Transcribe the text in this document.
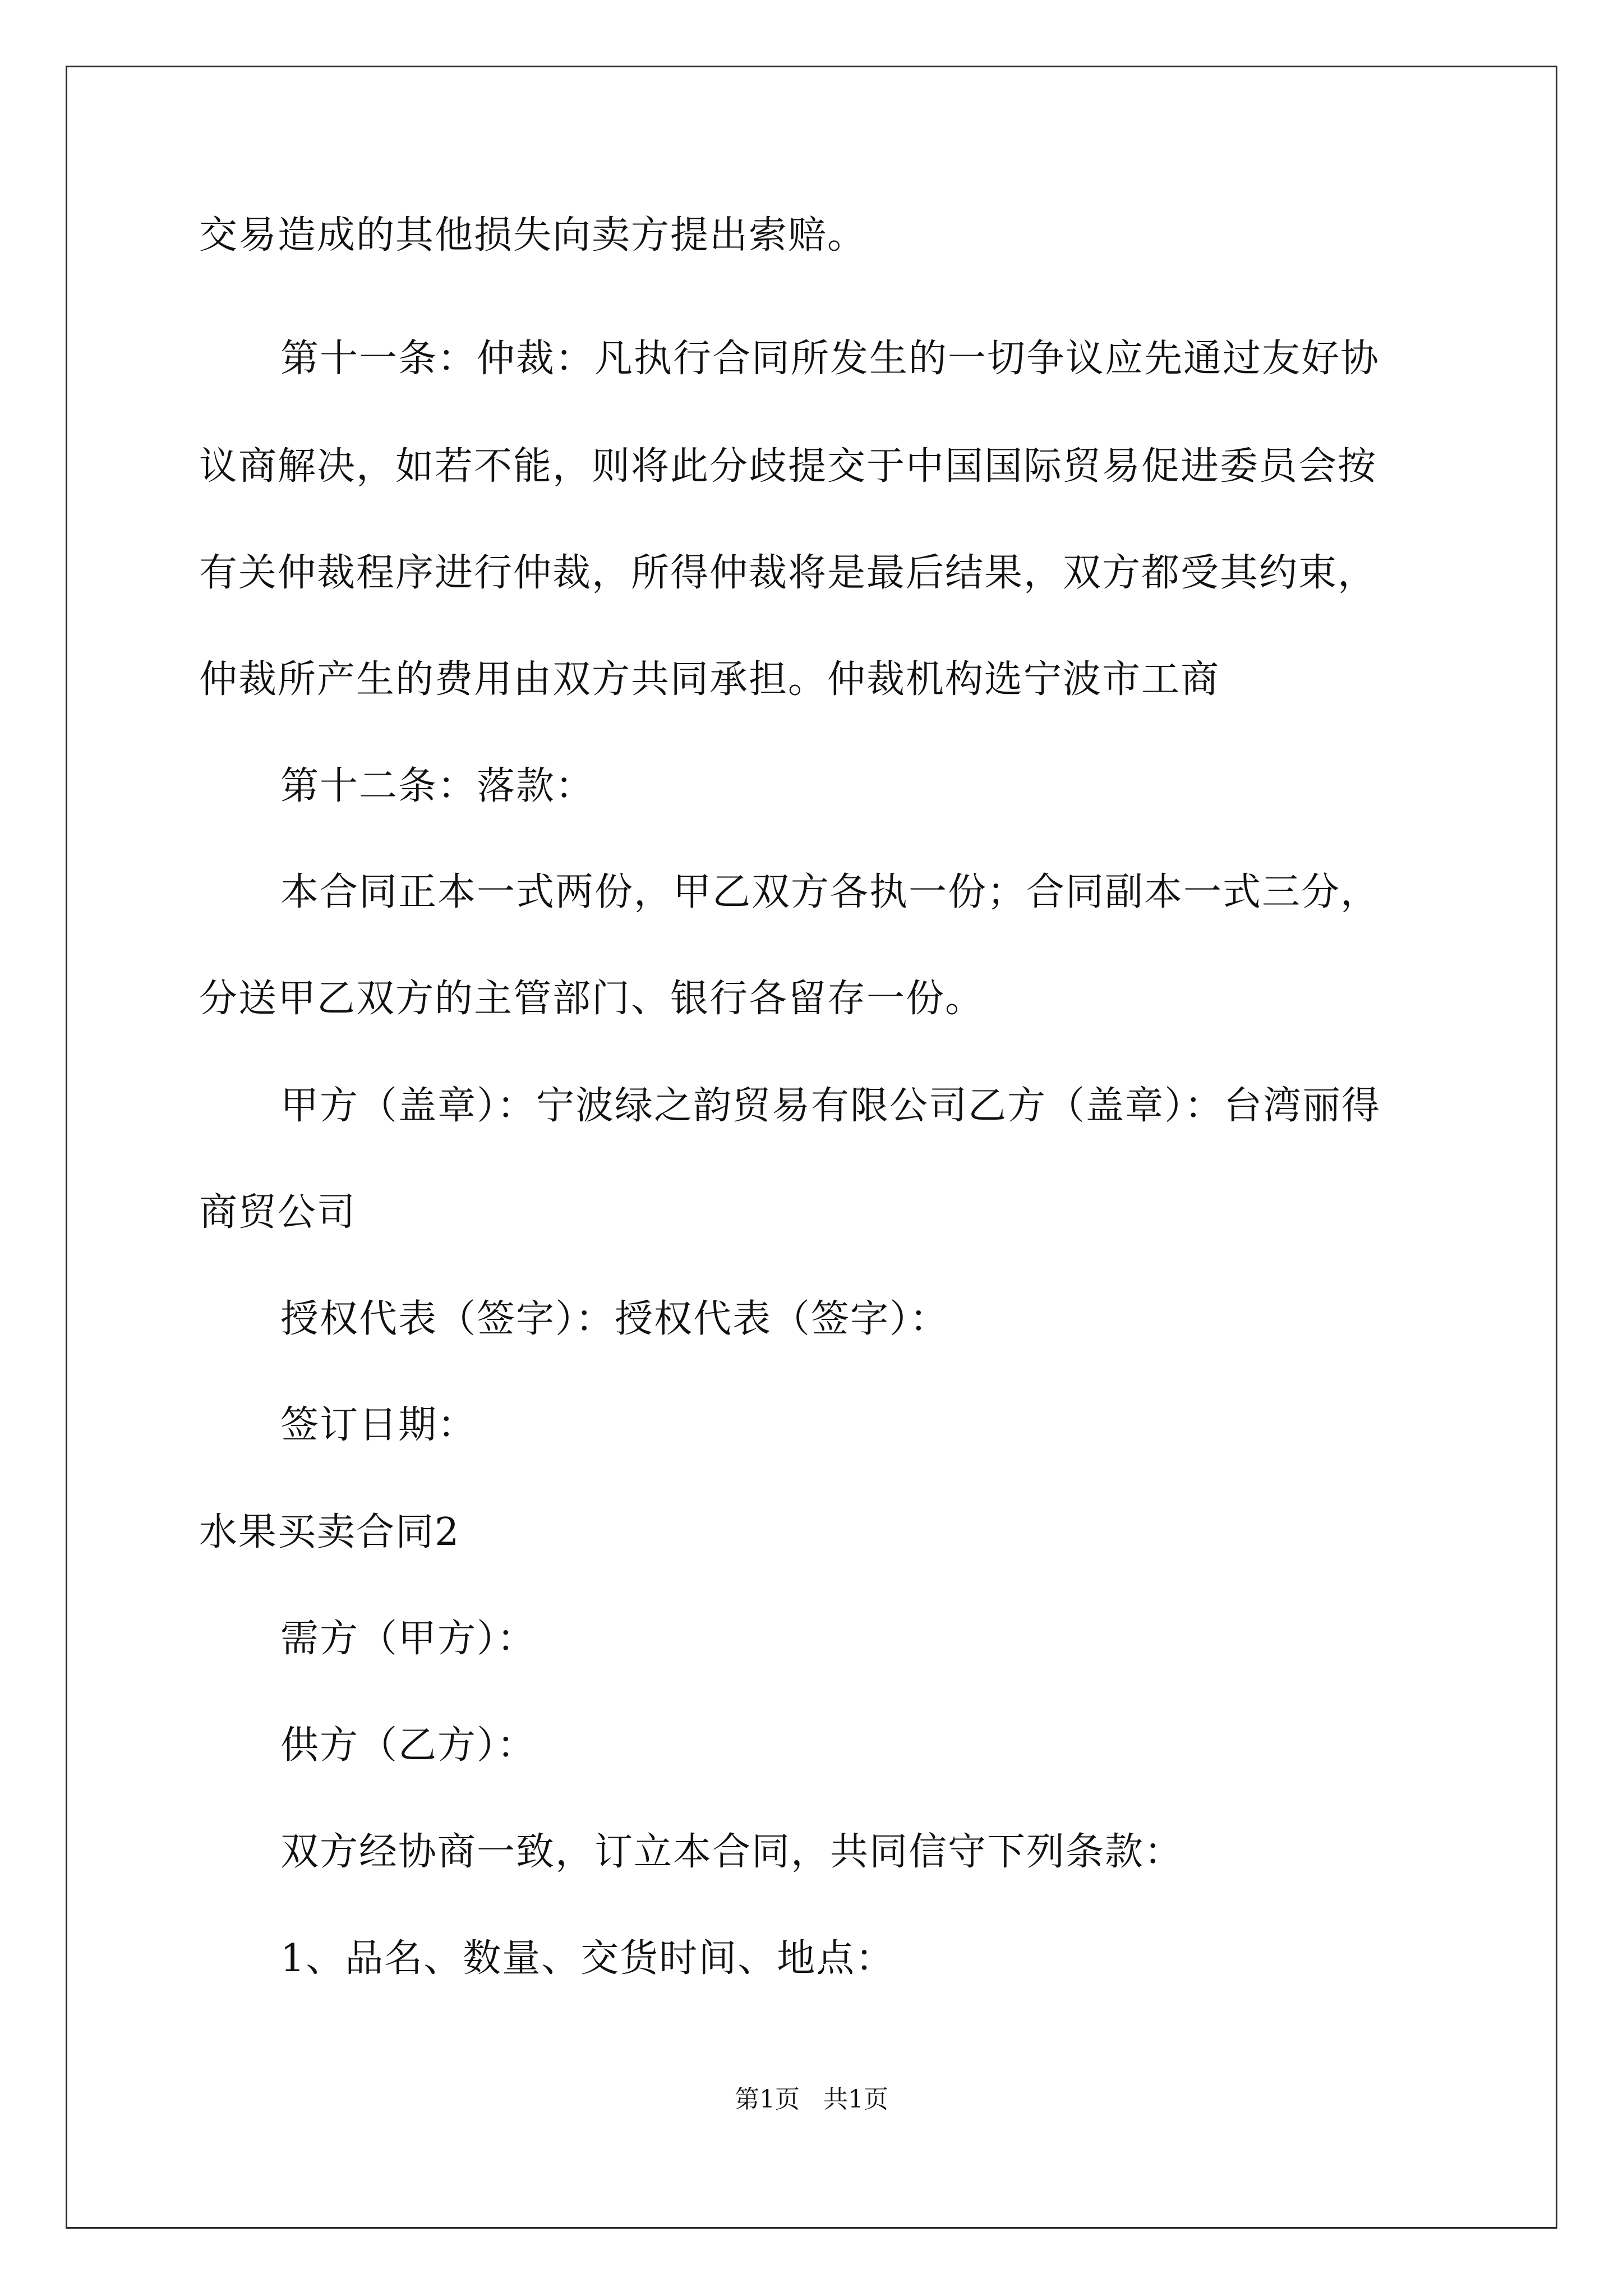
交易造成的其他损失向卖方提出索赔。

第十一条：仲裁：凡执行合同所发生的一切争议应先通过友好协

议商解决，如若不能，则将此分歧提交于中国国际贸易促进委员会按

有关仲裁程序进行仲裁，所得仲裁将是最后结果，双方都受其约束，

仲裁所产生的费用由双方共同承担。仲裁机构选宁波市工商

第十二条：落款：

本合同正本一式两份，甲乙双方各执一份；合同副本一式三分，

分送甲乙双方的主管部门、银行各留存一份。

甲方（盖章）：宁波绿之韵贸易有限公司乙方（盖章）：台湾丽得

商贸公司

授权代表（签字）：授权代表（签字）：

签订日期：

水果买卖合同2

需方（甲方）：

供方（乙方）：

双方经协商一致，订立本合同，共同信守下列条款：

1、品名、数量、交货时间、地点：

第1页   共1页
